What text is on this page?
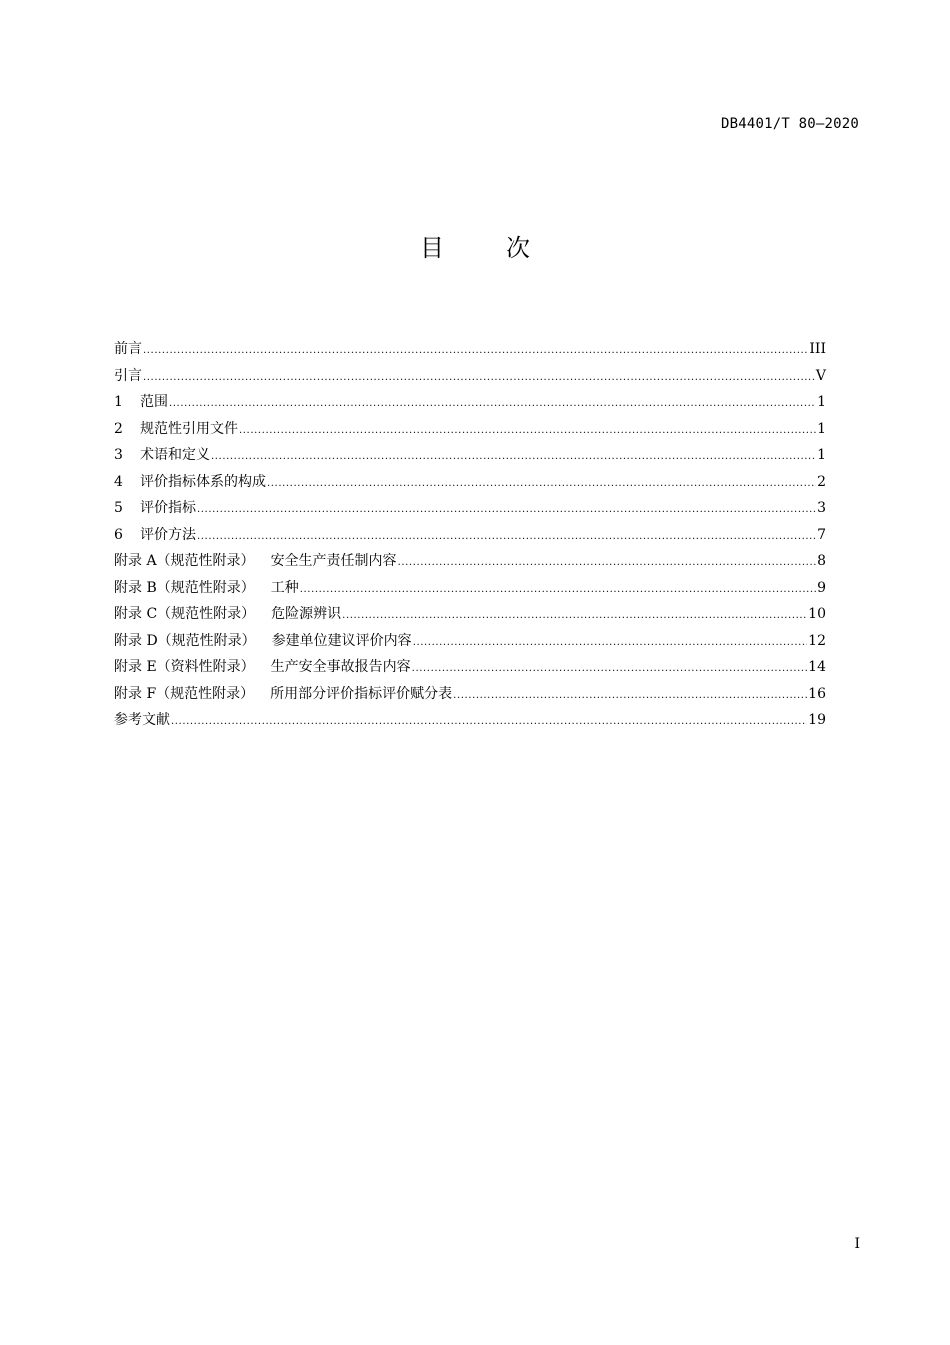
DB4401/T 80—2020
目次
前言 .....	III
引言 .....	V
1	范围 .....	1
2	规范性引用文件 .....	1
3	术语和定义 .....	1
4	评价指标体系的构成 .....	2
5	评价指标 .....	3
6	评价方法 .....	7
附录 A（规范性附录） 安全生产责任制内容 .....	8
附录 B（规范性附录） 工种 .....	9
附录 C（规范性附录） 危险源辨识 .....	10
附录 D（规范性附录） 参建单位建议评价内容 .....	12
附录 E（资料性附录） 生产安全事故报告内容 .....	14
附录 F（规范性附录） 所用部分评价指标评价赋分表 .....	16
参考文献 .....	19
I
